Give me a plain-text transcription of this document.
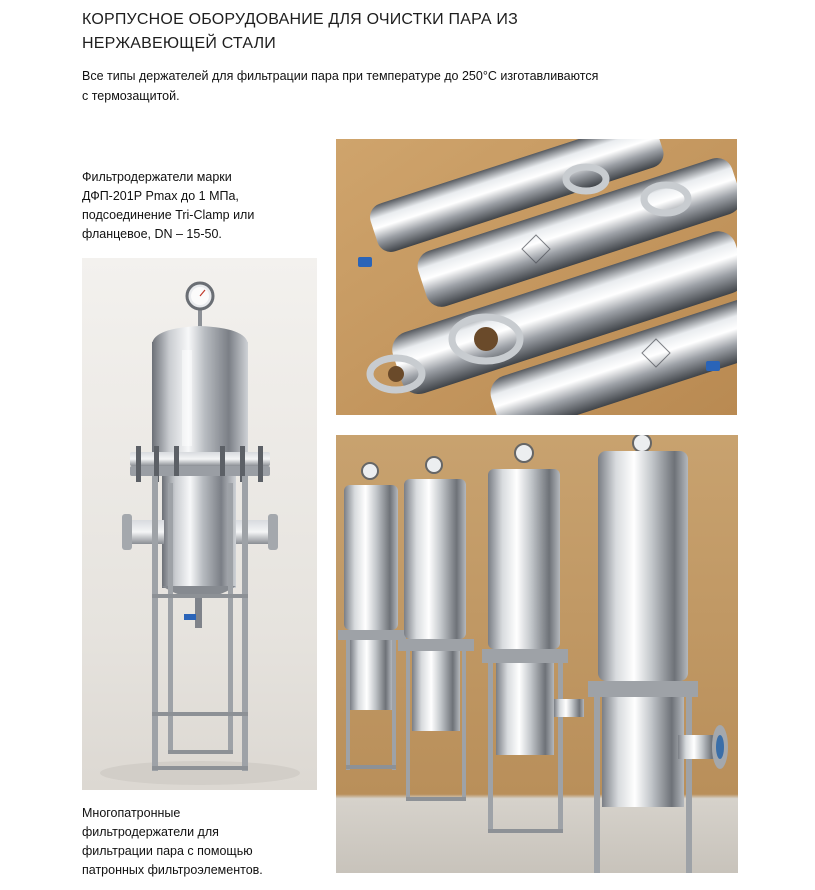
КОРПУСНОЕ ОБОРУДОВАНИЕ ДЛЯ ОЧИСТКИ ПАРА ИЗ
НЕРЖАВЕЮЩЕЙ СТАЛИ
Все типы держателей для фильтрации пара при температуре до 250°С изготавливаются
с термозащитой.
Фильтродержатели марки
ДФП-201Р Pmax до 1 МПа,
подсоединение Tri-Clamp или
фланцевое, DN – 15-50.
Многопатронные
фильтродержатели для
фильтрации пара с помощью
патронных фильтроэлементов.
